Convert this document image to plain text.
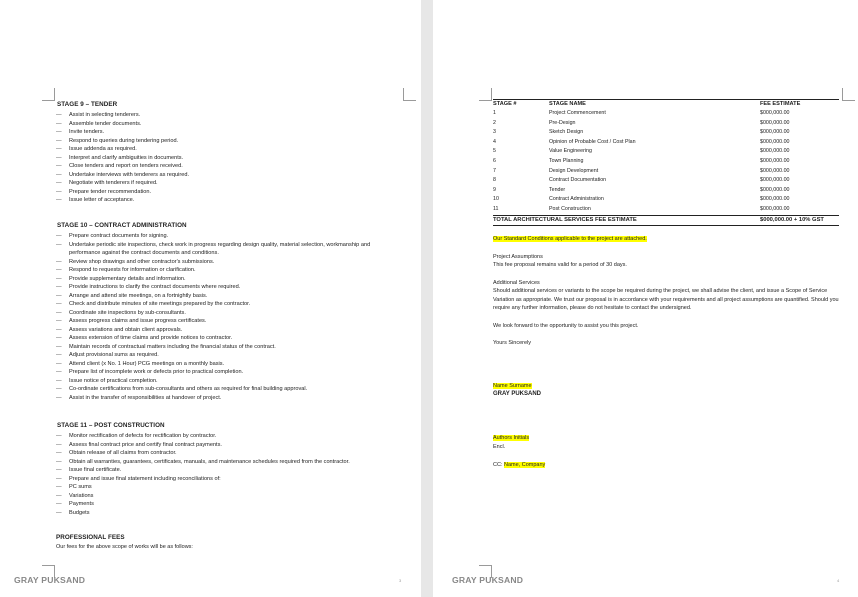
STAGE 9 – TENDER
— Assist in selecting tenderers.
— Assemble tender documents.
— Invite tenders.
— Respond to queries during tendering period.
— Issue addenda as required.
— Interpret and clarify ambiguities in documents.
— Close tenders and report on tenders received.
— Undertake interviews with tenderers as required.
— Negotiate with tenderers if required.
— Prepare tender recommendation.
— Issue letter of acceptance.
STAGE 10 – CONTRACT ADMINISTRATION
— Prepare contract documents for signing.
— Undertake periodic site inspections, check work in progress regarding design quality, material selection, workmanship and performance against the contract documents and conditions.
— Review shop drawings and other contractor's submissions.
— Respond to requests for information or clarification.
— Provide supplementary details and information.
— Provide instructions to clarify the contract documents where required.
— Arrange and attend site meetings, on a fortnightly basis.
— Check and distribute minutes of site meetings prepared by the contractor.
— Coordinate site inspections by sub-consultants.
— Assess progress claims and issue progress certificates.
— Assess variations and obtain client approvals.
— Assess extension of time claims and provide notices to contractor.
— Maintain records of contractual matters including the financial status of the contract.
— Adjust provisional sums as required.
— Attend client (x No. 1 Hour) PCG meetings on a monthly basis.
— Prepare list of incomplete work or defects prior to practical completion.
— Issue notice of practical completion.
— Co-ordinate certifications from sub-consultants and others as required for final building approval.
— Assist in the transfer of responsibilities at handover of project.
STAGE 11 – POST CONSTRUCTION
— Monitor rectification of defects for rectification by contractor.
— Assess final contract price and certify final contract payments.
— Obtain release of all claims from contractor.
— Obtain all warranties, guarantees, certificates, manuals, and maintenance schedules required from the contractor.
— Issue final certificate.
— Prepare and issue final statement including reconciliations of:
— PC sums
— Variations
— Payments
— Budgets
PROFESSIONAL FEES

Our fees for the above scope of works will be as follows:

GRAY PUKSAND	3
STAGE #	STAGE NAME	FEE ESTIMATE
1	Project Commencement	$000,000.00
2	Pre-Design	$000,000.00
3	Sketch Design	$000,000.00
4	Opinion of Probable Cost / Cost Plan	$000,000.00
5	Value Engineering	$000,000.00
6	Town Planning	$000,000.00
7	Design Development	$000,000.00
8	Contract Documentation	$000,000.00
9	Tender	$000,000.00
10	Contract Administration	$000,000.00
11	Post Construction	$000,000.00
TOTAL ARCHITECTURAL SERVICES FEE ESTIMATE		$000,000.00 + 10% GST

Our Standard Conditions applicable to the project are attached.

Project Assumptions

This fee proposal remains valid for a period of 30 days.

Additional Services

Should additional services or variants to the scope be required during the project, we shall advise the client, and issue a Scope of Service Variation as appropriate. We trust our proposal is in accordance with your requirements and all project assumptions are quantified. Should you require any further information, please do not hesitate to contact the undersigned.

We look forward to the opportunity to assist you this project.

Yours Sincerely

Name Surname

GRAY PUKSAND

Authors Initials

Encl.

CC: Name, Company

GRAY PUKSAND	4
